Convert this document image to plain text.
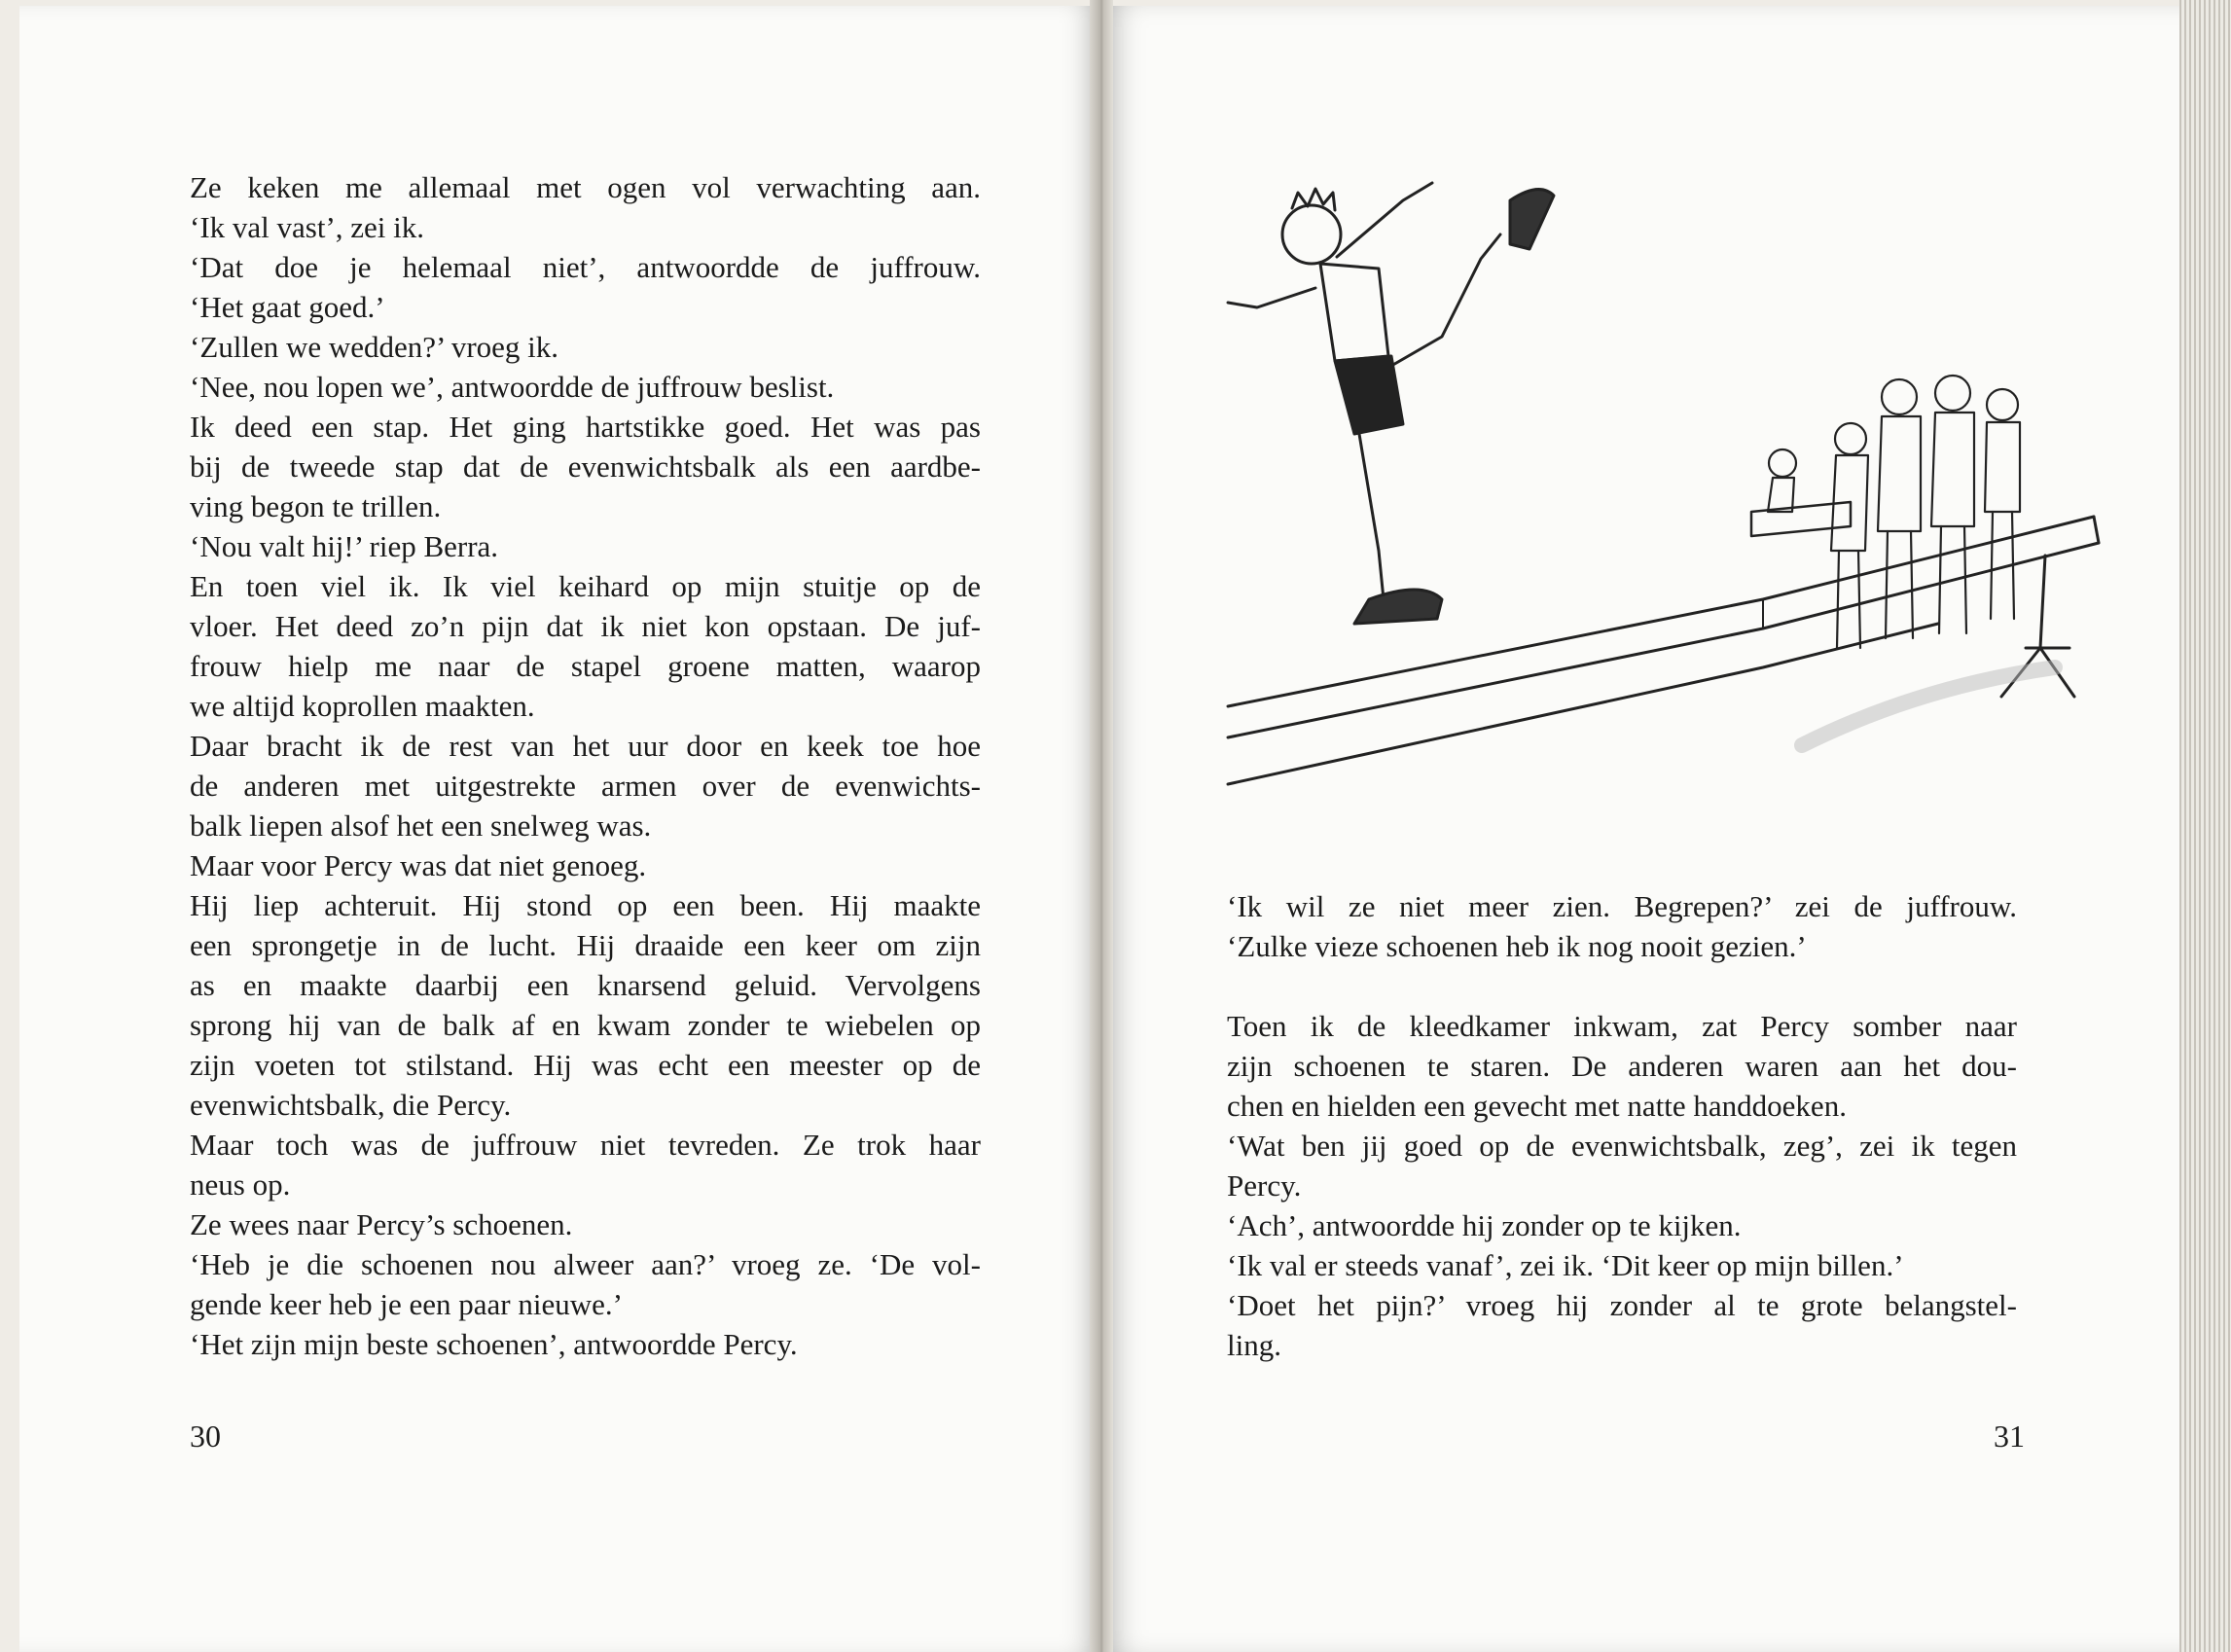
Ze keken me allemaal met ogen vol verwachting aan.
‘Ik val vast’, zei ik.
‘Dat doe je helemaal niet’, antwoordde de juffrouw.
‘Het gaat goed.’
‘Zullen we wedden?’ vroeg ik.
‘Nee, nou lopen we’, antwoordde de juffrouw beslist.
Ik deed een stap. Het ging hartstikke goed. Het was pas
bij de tweede stap dat de evenwichtsbalk als een aardbe-
ving begon te trillen.
‘Nou valt hij!’ riep Berra.
En toen viel ik. Ik viel keihard op mijn stuitje op de
vloer. Het deed zo’n pijn dat ik niet kon opstaan. De juf-
frouw hielp me naar de stapel groene matten, waarop
we altijd koprollen maakten.
Daar bracht ik de rest van het uur door en keek toe hoe
de anderen met uitgestrekte armen over de evenwichts-
balk liepen alsof het een snelweg was.
Maar voor Percy was dat niet genoeg.
Hij liep achteruit. Hij stond op een been. Hij maakte
een sprongetje in de lucht. Hij draaide een keer om zijn
as en maakte daarbij een knarsend geluid. Vervolgens
sprong hij van de balk af en kwam zonder te wiebelen op
zijn voeten tot stilstand. Hij was echt een meester op de
evenwichtsbalk, die Percy.
Maar toch was de juffrouw niet tevreden. Ze trok haar
neus op.
Ze wees naar Percy’s schoenen.
‘Heb je die schoenen nou alweer aan?’ vroeg ze. ‘De vol-
gende keer heb je een paar nieuwe.’
‘Het zijn mijn beste schoenen’, antwoordde Percy.
30
‘Ik wil ze niet meer zien. Begrepen?’ zei de juffrouw.
‘Zulke vieze schoenen heb ik nog nooit gezien.’
Toen ik de kleedkamer inkwam, zat Percy somber naar
zijn schoenen te staren. De anderen waren aan het dou-
chen en hielden een gevecht met natte handdoeken.
‘Wat ben jij goed op de evenwichtsbalk, zeg’, zei ik tegen
Percy.
‘Ach’, antwoordde hij zonder op te kijken.
‘Ik val er steeds vanaf’, zei ik. ‘Dit keer op mijn billen.’
‘Doet het pijn?’ vroeg hij zonder al te grote belangstel-
ling.
31
